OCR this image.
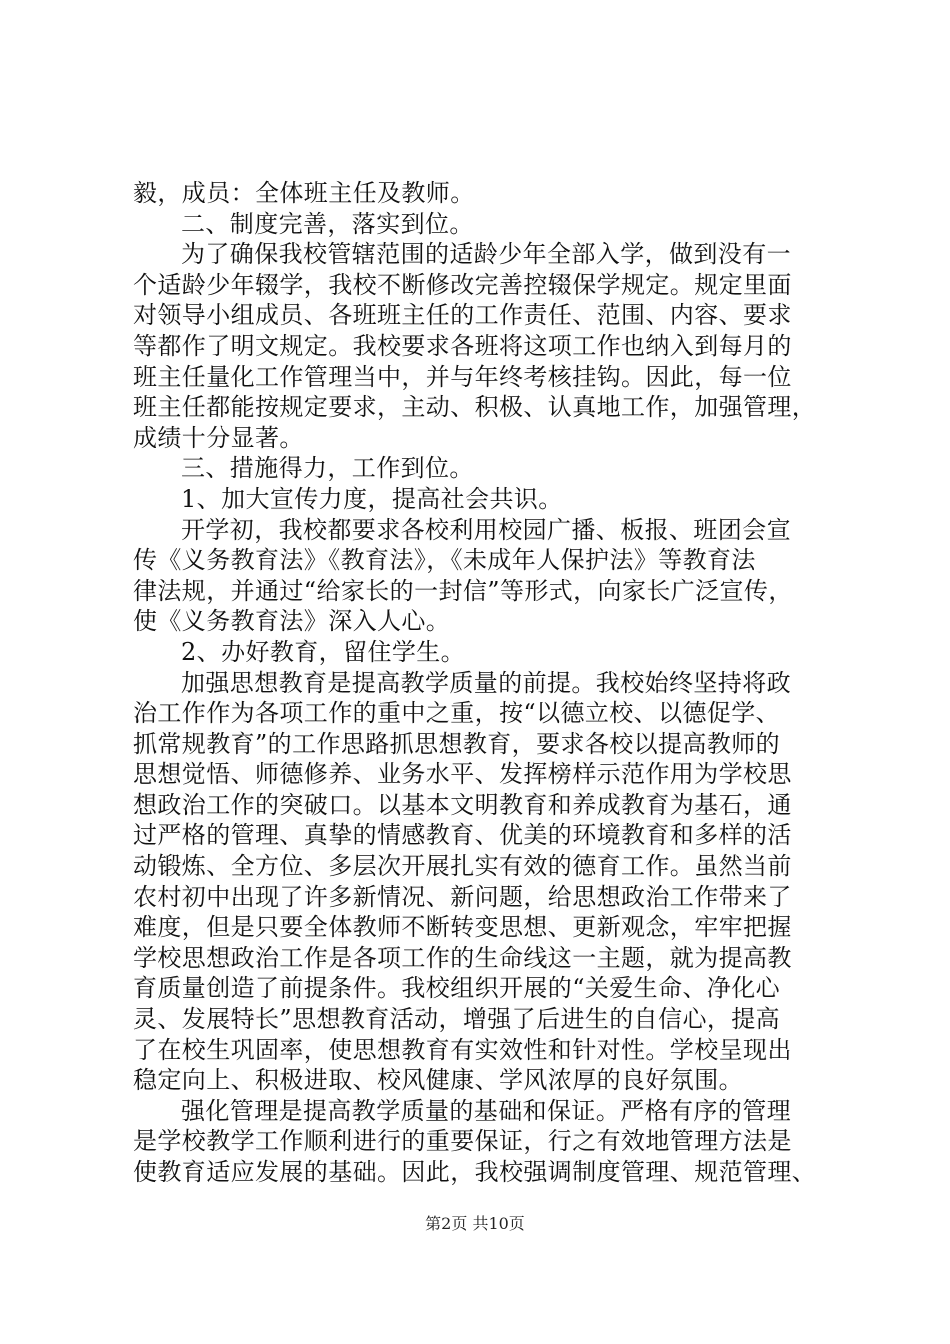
毅，成员：全体班主任及教师。
二、制度完善，落实到位。
为了确保我校管辖范围的适龄少年全部入学，做到没有一
个适龄少年辍学，我校不断修改完善控辍保学规定。规定里面
对领导小组成员、各班班主任的工作责任、范围、内容、要求
等都作了明文规定。我校要求各班将这项工作也纳入到每月的
班主任量化工作管理当中，并与年终考核挂钩。因此，每一位
班主任都能按规定要求，主动、积极、认真地工作，加强管理，
成绩十分显著。
三、措施得力，工作到位。
1、加大宣传力度，提高社会共识。
开学初，我校都要求各校利用校园广播、板报、班团会宣
传《义务教育法》《教育法》，《未成年人保护法》等教育法
律法规，并通过“给家长的一封信”等形式，向家长广泛宣传，
使《义务教育法》深入人心。
2、办好教育，留住学生。
加强思想教育是提高教学质量的前提。我校始终坚持将政
治工作作为各项工作的重中之重，按“以德立校、以德促学、
抓常规教育”的工作思路抓思想教育，要求各校以提高教师的
思想觉悟、师德修养、业务水平、发挥榜样示范作用为学校思
想政治工作的突破口。以基本文明教育和养成教育为基石，通
过严格的管理、真挚的情感教育、优美的环境教育和多样的活
动锻炼、全方位、多层次开展扎实有效的德育工作。虽然当前
农村初中出现了许多新情况、新问题，给思想政治工作带来了
难度，但是只要全体教师不断转变思想、更新观念，牢牢把握
学校思想政治工作是各项工作的生命线这一主题，就为提高教
育质量创造了前提条件。我校组织开展的“关爱生命、净化心
灵、发展特长”思想教育活动，增强了后进生的自信心，提高
了在校生巩固率，使思想教育有实效性和针对性。学校呈现出
稳定向上、积极进取、校风健康、学风浓厚的良好氛围。
强化管理是提高教学质量的基础和保证。严格有序的管理
是学校教学工作顺利进行的重要保证，行之有效地管理方法是
使教育适应发展的基础。因此，我校强调制度管理、规范管理、
第2页 共10页
